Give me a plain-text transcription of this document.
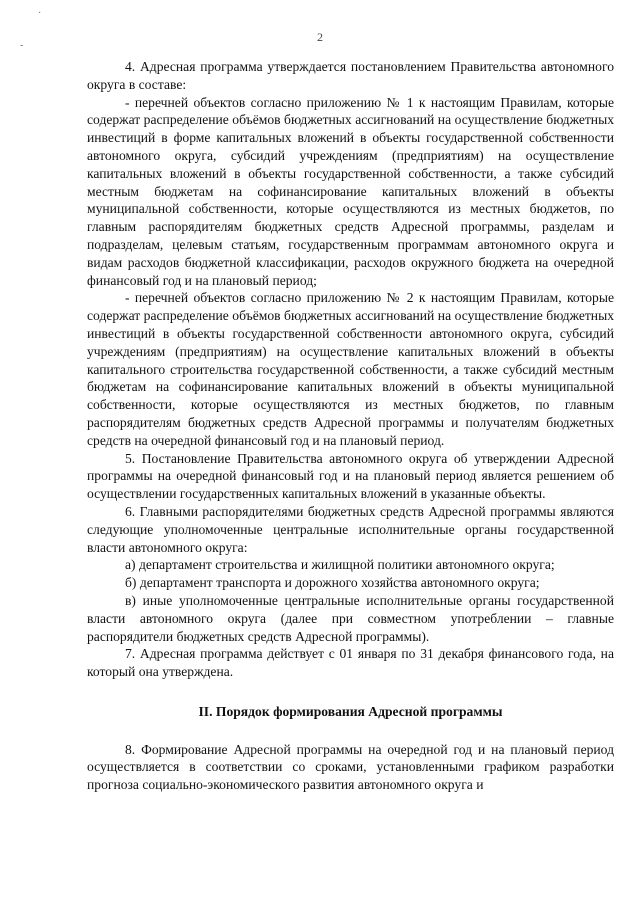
·
-
2

4. Адресная программа утверждается постановлением Правительства автономного округа в составе:

- перечней объектов согласно приложению № 1 к настоящим Правилам, которые содержат распределение объёмов бюджетных ассигнований на осуществление бюджетных инвестиций в форме капитальных вложений в объекты государственной собственности автономного округа, субсидий учреждениям (предприятиям) на осуществление капитальных вложений в объекты государственной собственности, а также субсидий местным бюджетам на софинансирование капитальных вложений в объекты муниципальной собственности, которые осуществляются из местных бюджетов, по главным распорядителям бюджетных средств Адресной программы, разделам и подразделам, целевым статьям, государственным программам автономного округа и видам расходов бюджетной классификации, расходов окружного бюджета на очередной финансовый год и на плановый период;

- перечней объектов согласно приложению № 2 к настоящим Правилам, которые содержат распределение объёмов бюджетных ассигнований на осуществление бюджетных инвестиций в объекты государственной собственности автономного округа, субсидий учреждениям (предприятиям) на осуществление капитальных вложений в объекты капитального строительства государственной собственности, а также субсидий местным бюджетам на софинансирование капитальных вложений в объекты муниципальной собственности, которые осуществляются из местных бюджетов, по главным распорядителям бюджетных средств Адресной программы и получателям бюджетных средств на очередной финансовый год и на плановый период.

5. Постановление Правительства автономного округа об утверждении Адресной программы на очередной финансовый год и на плановый период является решением об осуществлении государственных капитальных вложений в указанные объекты.

6. Главными распорядителями бюджетных средств Адресной программы являются следующие уполномоченные центральные исполнительные органы государственной власти автономного округа:

а) департамент строительства и жилищной политики автономного округа;

б) департамент транспорта и дорожного хозяйства автономного округа;

в) иные уполномоченные центральные исполнительные органы государственной власти автономного округа (далее при совместном употреблении – главные распорядители бюджетных средств Адресной программы).

7. Адресная программа действует с 01 января по 31 декабря финансового года, на который она утверждена.

II. Порядок формирования Адресной программы

8. Формирование Адресной программы на очередной год и на плановый период осуществляется в соответствии со сроками, установленными графиком разработки прогноза социально-экономического развития автономного округа и
